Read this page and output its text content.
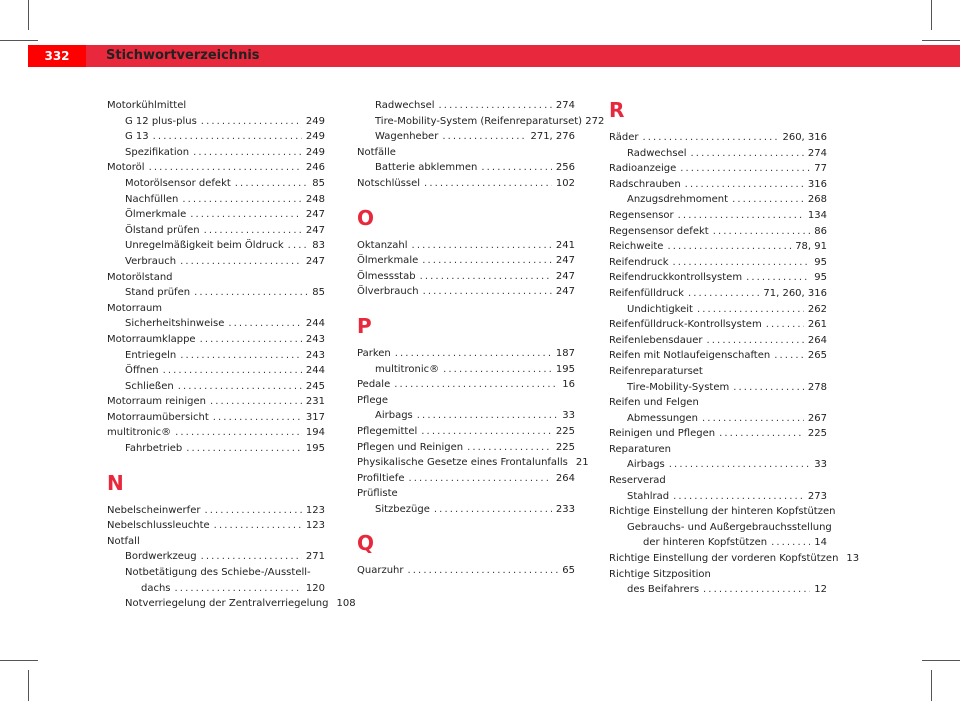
332	Stichwortverzeichnis
Motorkühlmittel
G 12 plus-plus .....	249
G 13 .....	249
Spezifikation .....	249
Motoröl .....	246
Motorölsensor defekt .....	85
Nachfüllen .....	248
Ölmerkmale .....	247
Ölstand prüfen .....	247
Unregelmäßigkeit beim Öldruck .....	83
Verbrauch .....	247
Motorölstand
Stand prüfen .....	85
Motorraum
Sicherheitshinweise .....	244
Motorraumklappe .....	243
Entriegeln .....	243
Öffnen .....	244
Schließen .....	245
Motorraum reinigen .....	231
Motorraumübersicht .....	317
multitronic® .....	194
Fahrbetrieb .....	195
N
Nebelscheinwerfer .....	123
Nebelschlussleuchte .....	123
Notfall
Bordwerkzeug .....	271
Notbetätigung des Schiebe-/Ausstell-
dachs .....	120
Notverriegelung der Zentralverriegelung 108
Radwechsel .....	274
Tire-Mobility-System (Reifenreparaturset) 272
Wagenheber .....	271, 276
Notfälle
Batterie abklemmen .....	256
Notschlüssel .....	102
O
Oktanzahl .....	241
Ölmerkmale .....	247
Ölmessstab .....	247
Ölverbrauch .....	247
P
Parken .....	187
multitronic® .....	195
Pedale .....	16
Pflege
Airbags .....	33
Pflegemittel .....	225
Pflegen und Reinigen .....	225
Physikalische Gesetze eines Frontalunfalls 21
Profiltiefe .....	264
Prüfliste
Sitzbezüge .....	233
Q
Quarzuhr .....	65
R
Räder .....	260, 316
Radwechsel .....	274
Radioanzeige .....	77
Radschrauben .....	316
Anzugsdrehmoment .....	268
Regensensor .....	134
Regensensor defekt .....	86
Reichweite .....	78, 91
Reifendruck .....	95
Reifendruckkontrollsystem .....	95
Reifenfülldruck .....	71, 260, 316
Undichtigkeit .....	262
Reifenfülldruck-Kontrollsystem .....	261
Reifenlebensdauer .....	264
Reifen mit Notlaufeigenschaften .....	265
Reifenreparaturset
Tire-Mobility-System .....	278
Reifen und Felgen
Abmessungen .....	267
Reinigen und Pflegen .....	225
Reparaturen
Airbags .....	33
Reserverad
Stahlrad .....	273
Richtige Einstellung der hinteren Kopfstützen
Gebrauchs- und Außergebrauchsstellung
der hinteren Kopfstützen .....	14
Richtige Einstellung der vorderen Kopfstützen 13
Richtige Sitzposition
des Beifahrers .....	12
